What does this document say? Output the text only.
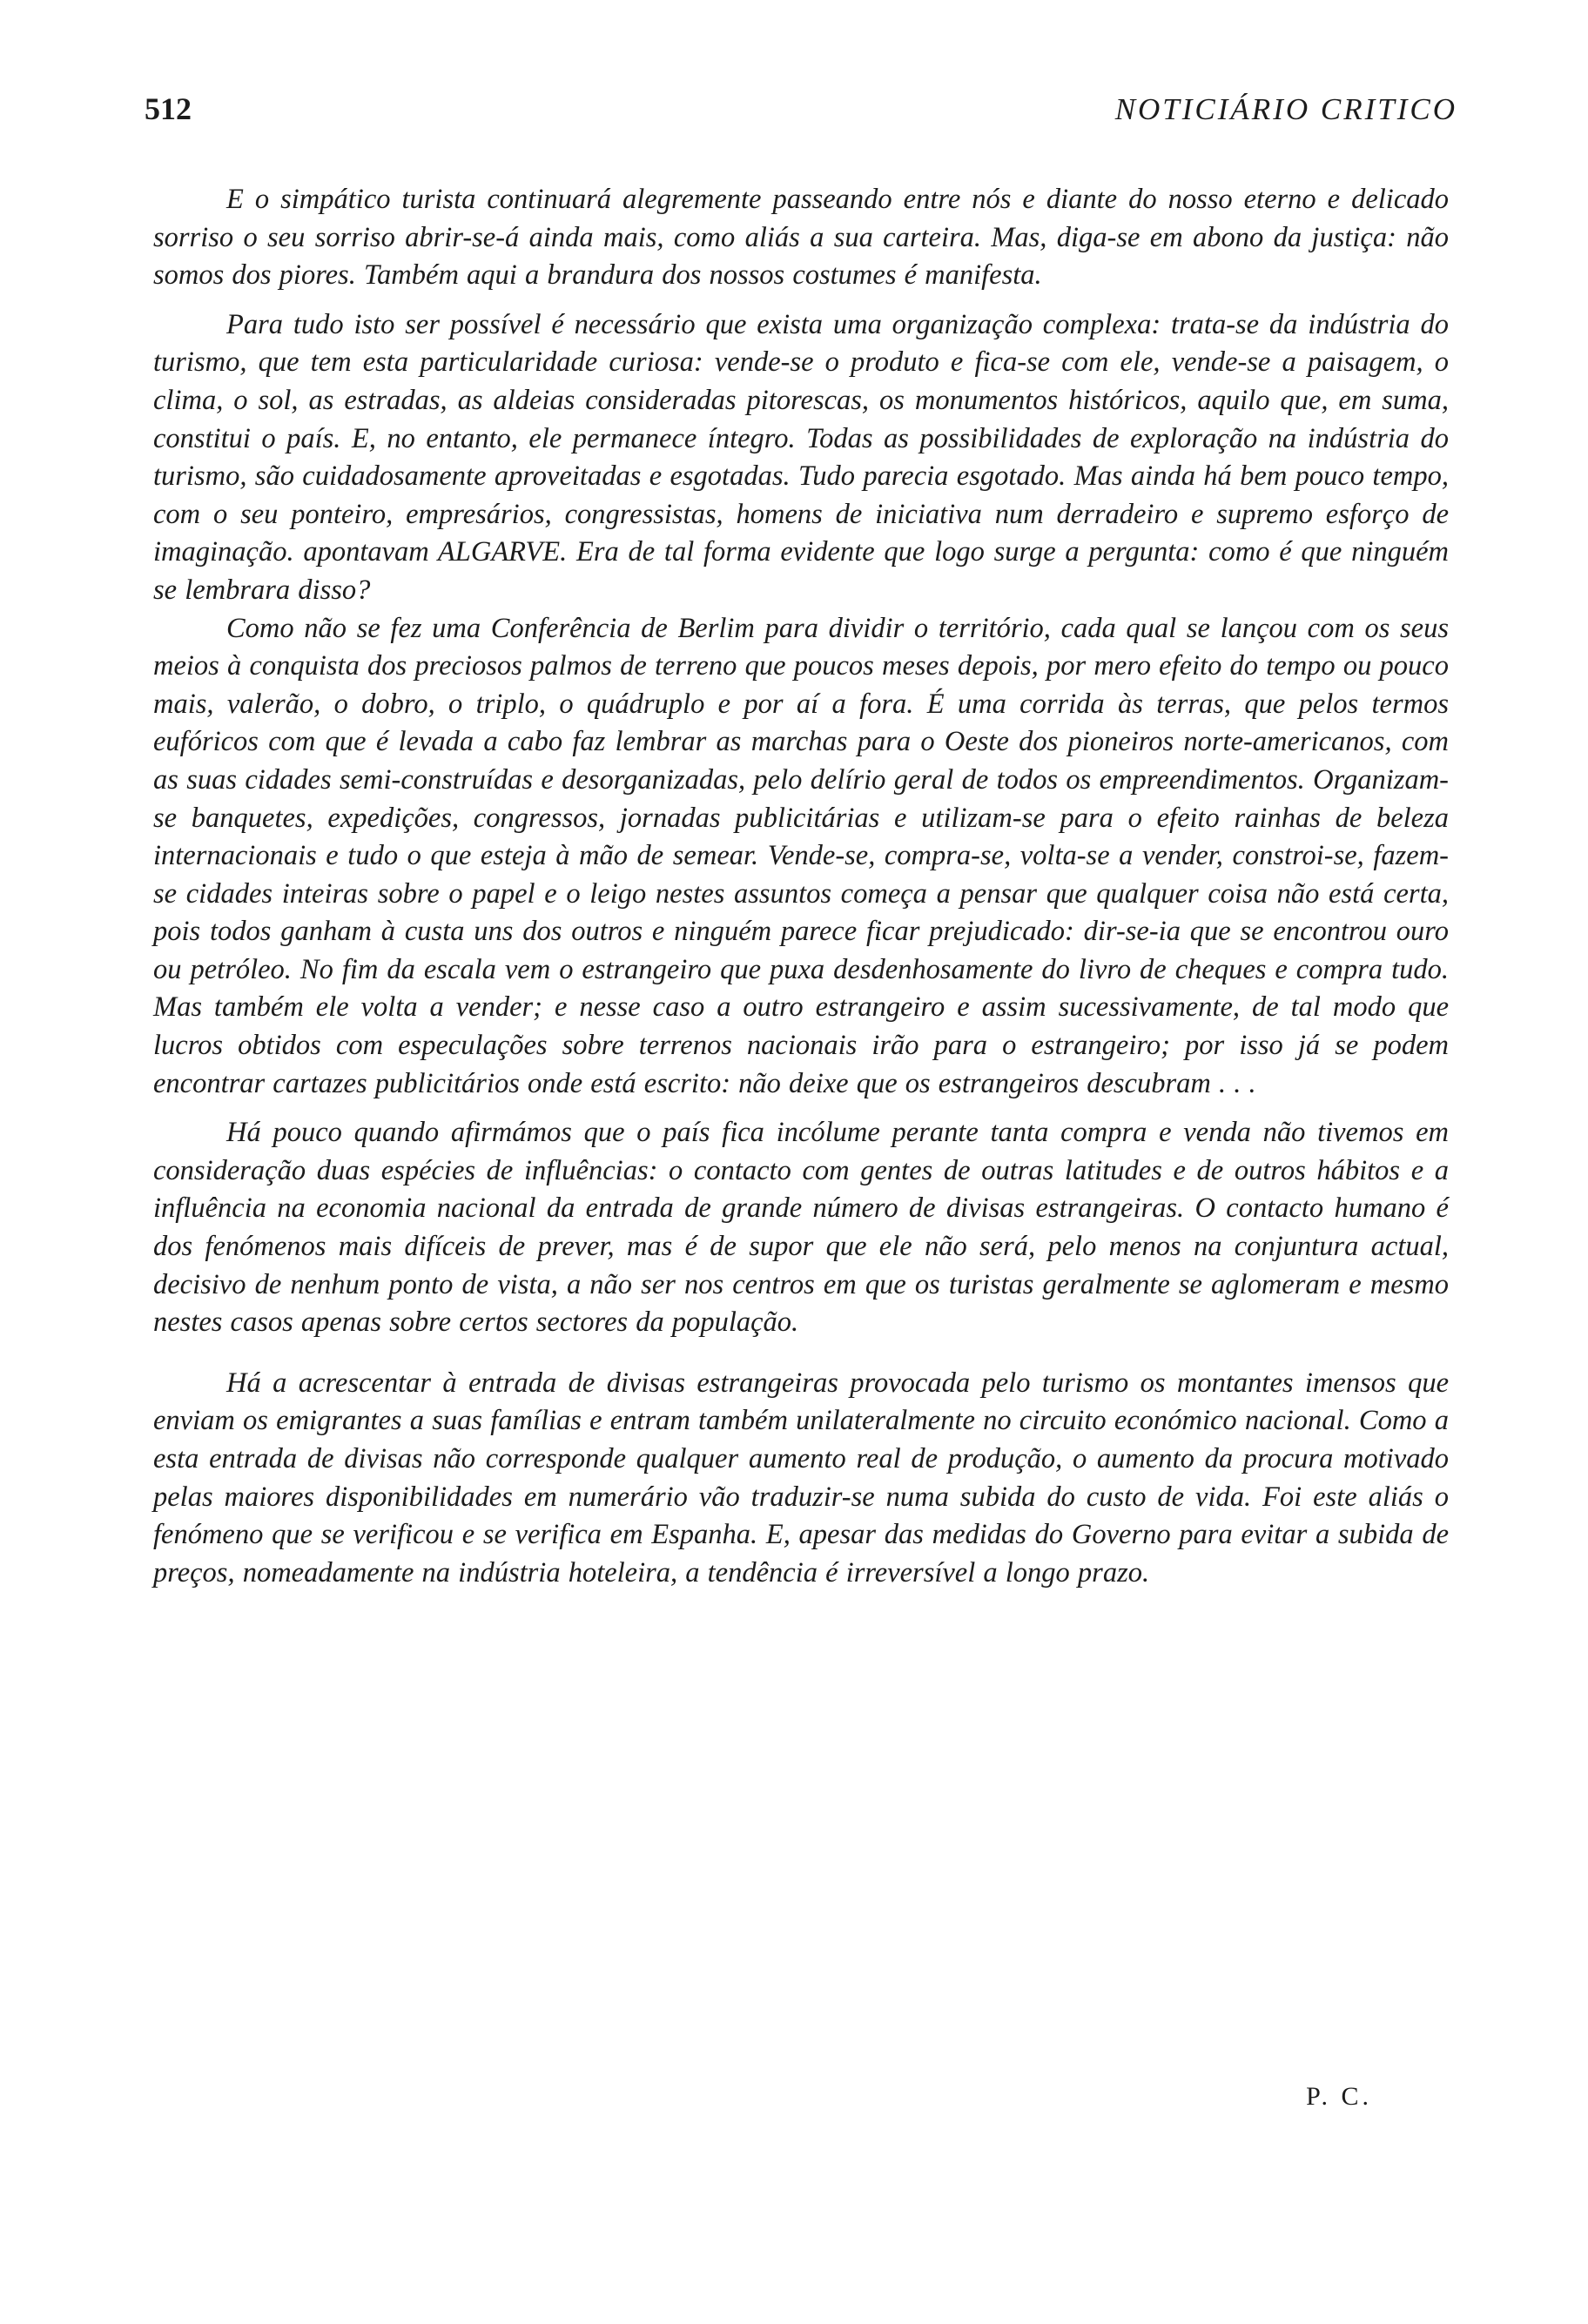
512	NOTICIÁRIO CRITICO

E o simpático turista continuará alegremente passeando entre nós e diante do nosso eterno e delicado sorriso o seu sorriso abrir-se-á ainda mais, como aliás a sua carteira. Mas, diga-se em abono da justiça: não somos dos piores. Também aqui a brandura dos nossos costumes é manifesta.

Para tudo isto ser possível é necessário que exista uma organização complexa: trata-se da indústria do turismo, que tem esta particularidade curiosa: vende-se o produto e fica-se com ele, vende-se a paisagem, o clima, o sol, as estradas, as aldeias consideradas pitorescas, os monumentos históricos, aquilo que, em suma, constitui o país. E, no entanto, ele permanece íntegro. Todas as possibilidades de exploração na indústria do turismo, são cuidadosamente aproveitadas e esgotadas. Tudo parecia esgotado. Mas ainda há bem pouco tempo, com o seu ponteiro, empresários, congressistas, homens de iniciativa num derradeiro e supremo esforço de imaginação. apontavam ALGARVE. Era de tal forma evidente que logo surge a pergunta: como é que ninguém se lembrara disso?

Como não se fez uma Conferência de Berlim para dividir o território, cada qual se lançou com os seus meios à conquista dos preciosos palmos de terreno que poucos meses depois, por mero efeito do tempo ou pouco mais, valerão, o dobro, o triplo, o quádruplo e por aí a fora. É uma corrida às terras, que pelos termos eufóricos com que é levada a cabo faz lembrar as marchas para o Oeste dos pioneiros norte-americanos, com as suas cidades semi-construídas e desorganizadas, pelo delírio geral de todos os empreendimentos. Organizam-se banquetes, expedições, congressos, jornadas publicitárias e utilizam-se para o efeito rainhas de beleza internacionais e tudo o que esteja à mão de semear. Vende-se, compra-se, volta-se a vender, constroi-se, fazem-se cidades inteiras sobre o papel e o leigo nestes assuntos começa a pensar que qualquer coisa não está certa, pois todos ganham à custa uns dos outros e ninguém parece ficar prejudicado: dir-se-ia que se encontrou ouro ou petróleo. No fim da escala vem o estrangeiro que puxa desdenhosamente do livro de cheques e compra tudo. Mas também ele volta a vender; e nesse caso a outro estrangeiro e assim sucessivamente, de tal modo que lucros obtidos com especulações sobre terrenos nacionais irão para o estrangeiro; por isso já se podem encontrar cartazes publicitários onde está escrito: não deixe que os estrangeiros descubram . . .

Há pouco quando afirmámos que o país fica incólume perante tanta compra e venda não tivemos em consideração duas espécies de influências: o contacto com gentes de outras latitudes e de outros hábitos e a influência na economia nacional da entrada de grande número de divisas estrangeiras. O contacto humano é dos fenómenos mais difíceis de prever, mas é de supor que ele não será, pelo menos na conjuntura actual, decisivo de nenhum ponto de vista, a não ser nos centros em que os turistas geralmente se aglomeram e mesmo nestes casos apenas sobre certos sectores da população.

Há a acrescentar à entrada de divisas estrangeiras provocada pelo turismo os montantes imensos que enviam os emigrantes a suas famílias e entram também unilateralmente no circuito económico nacional. Como a esta entrada de divisas não corresponde qualquer aumento real de produção, o aumento da procura motivado pelas maiores disponibilidades em numerário vão traduzir-se numa subida do custo de vida. Foi este aliás o fenómeno que se verificou e se verifica em Espanha. E, apesar das medidas do Governo para evitar a subida de preços, nomeadamente na indústria hoteleira, a tendência é irreversível a longo prazo.

P. C.
